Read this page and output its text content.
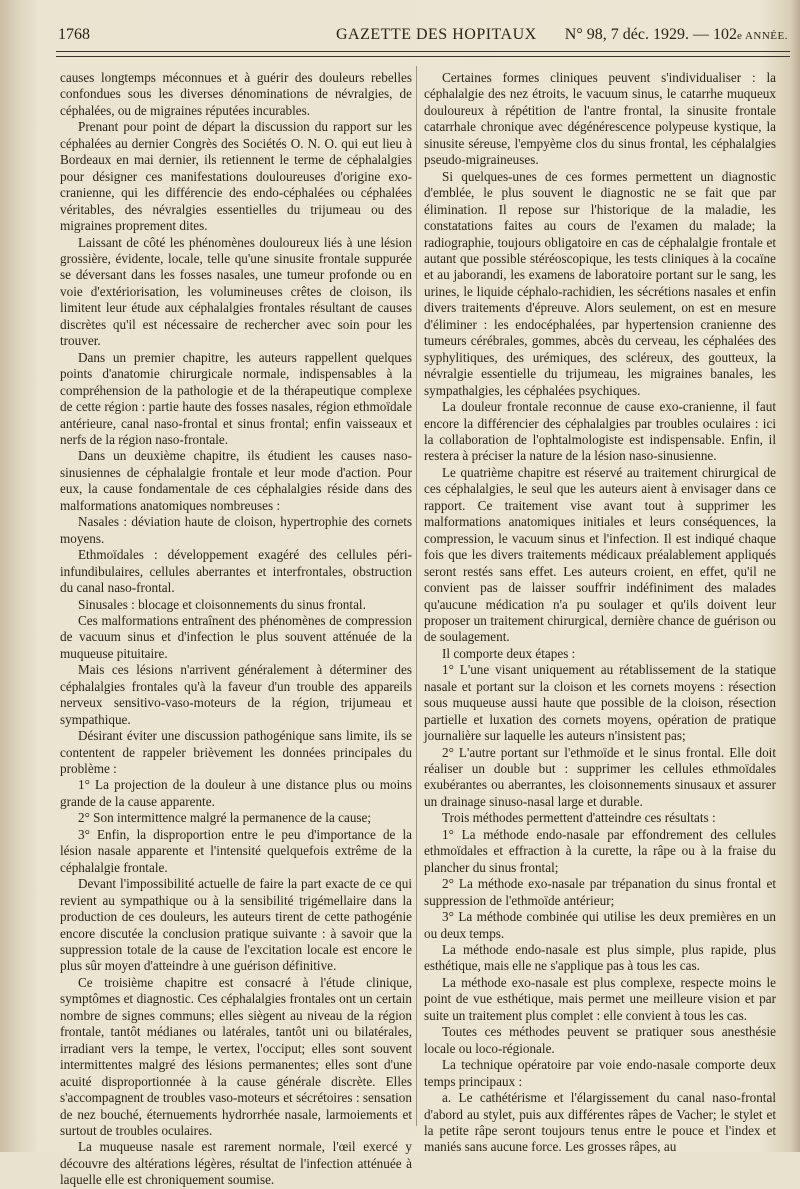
1768	GAZETTE DES HOPITAUX N° 98, 7 déc. 1929. — 102e ANNÉE.

causes longtemps méconnues et à guérir des douleurs rebelles confondues sous les diverses dénominations de névralgies, de céphalées, ou de migraines réputées incurables.

Prenant pour point de départ la discussion du rapport sur les céphalées au dernier Congrès des Sociétés O. N. O. qui eut lieu à Bordeaux en mai dernier, ils retiennent le terme de céphalalgies pour désigner ces manifestations douloureuses d'origine exo-cranienne, qui les différencie des endo-céphalées ou céphalées véritables, des névralgies essentielles du trijumeau ou des migraines proprement dites.

Laissant de côté les phénomènes douloureux liés à une lésion grossière, évidente, locale, telle qu'une sinusite frontale suppurée se déversant dans les fosses nasales, une tumeur profonde ou en voie d'extériorisation, les volumineuses crêtes de cloison, ils limitent leur étude aux céphalalgies frontales résultant de causes discrètes qu'il est nécessaire de rechercher avec soin pour les trouver.

Dans un premier chapitre, les auteurs rappellent quelques points d'anatomie chirurgicale normale, indispensables à la compréhension de la pathologie et de la thérapeutique complexe de cette région : partie haute des fosses nasales, région ethmoïdale antérieure, canal naso-frontal et sinus frontal; enfin vaisseaux et nerfs de la région naso-frontale.

Dans un deuxième chapitre, ils étudient les causes naso-sinusiennes de céphalalgie frontale et leur mode d'action. Pour eux, la cause fondamentale de ces céphalalgies réside dans des malformations anatomiques nombreuses :

Nasales : déviation haute de cloison, hypertrophie des cornets moyens.

Ethmoïdales : développement exagéré des cellules péri-infundibulaires, cellules aberrantes et interfrontales, obstruction du canal naso-frontal.

Sinusales : blocage et cloisonnements du sinus frontal.

Ces malformations entraînent des phénomènes de compression de vacuum sinus et d'infection le plus souvent atténuée de la muqueuse pituitaire.

Mais ces lésions n'arrivent généralement à déterminer des céphalalgies frontales qu'à la faveur d'un trouble des appareils nerveux sensitivo-vaso-moteurs de la région, trijumeau et sympathique.

Désirant éviter une discussion pathogénique sans limite, ils se contentent de rappeler brièvement les données principales du problème :

1° La projection de la douleur à une distance plus ou moins grande de la cause apparente.

2° Son intermittence malgré la permanence de la cause;

3° Enfin, la disproportion entre le peu d'importance de la lésion nasale apparente et l'intensité quelquefois extrême de la céphalalgie frontale.

Devant l'impossibilité actuelle de faire la part exacte de ce qui revient au sympathique ou à la sensibilité trigémellaire dans la production de ces douleurs, les auteurs tirent de cette pathogénie encore discutée la conclusion pratique suivante : à savoir que la suppression totale de la cause de l'excitation locale est encore le plus sûr moyen d'atteindre à une guérison définitive.

Ce troisième chapitre est consacré à l'étude clinique, symptômes et diagnostic. Ces céphalalgies frontales ont un certain nombre de signes communs; elles siègent au niveau de la région frontale, tantôt médianes ou latérales, tantôt uni ou bilatérales, irradiant vers la tempe, le vertex, l'occiput; elles sont souvent intermittentes malgré des lésions permanentes; elles sont d'une acuité disproportionnée à la cause générale discrète. Elles s'accompagnent de troubles vaso-moteurs et sécrétoires : sensation de nez bouché, éternuements hydrorrhée nasale, larmoiements et surtout de troubles oculaires.

La muqueuse nasale est rarement normale, l'œil exercé y découvre des altérations légères, résultat de l'infection atténuée à laquelle elle est chroniquement soumise.

Certaines formes cliniques peuvent s'individualiser : la céphalalgie des nez étroits, le vacuum sinus, le catarrhe muqueux douloureux à répétition de l'antre frontal, la sinusite frontale catarrhale chronique avec dégénérescence polypeuse kystique, la sinusite séreuse, l'empyème clos du sinus frontal, les céphalalgies pseudo-migraineuses.

Si quelques-unes de ces formes permettent un diagnostic d'emblée, le plus souvent le diagnostic ne se fait que par élimination. Il repose sur l'historique de la maladie, les constatations faites au cours de l'examen du malade; la radiographie, toujours obligatoire en cas de céphalalgie frontale et autant que possible stéréoscopique, les tests cliniques à la cocaïne et au jaborandi, les examens de laboratoire portant sur le sang, les urines, le liquide céphalo-rachidien, les sécrétions nasales et enfin divers traitements d'épreuve. Alors seulement, on est en mesure d'éliminer : les endocéphalées, par hypertension cranienne des tumeurs cérébrales, gommes, abcès du cerveau, les céphalées des syphylitiques, des urémiques, des scléreux, des goutteux, la névralgie essentielle du trijumeau, les migraines banales, les sympathalgies, les céphalées psychiques.

La douleur frontale reconnue de cause exo-cranienne, il faut encore la différencier des céphalalgies par troubles oculaires : ici la collaboration de l'ophtalmologiste est indispensable. Enfin, il restera à préciser la nature de la lésion naso-sinusienne.

Le quatrième chapitre est réservé au traitement chirurgical de ces céphalalgies, le seul que les auteurs aient à envisager dans ce rapport. Ce traitement vise avant tout à supprimer les malformations anatomiques initiales et leurs conséquences, la compression, le vacuum sinus et l'infection. Il est indiqué chaque fois que les divers traitements médicaux préalablement appliqués seront restés sans effet. Les auteurs croient, en effet, qu'il ne convient pas de laisser souffrir indéfiniment des malades qu'aucune médication n'a pu soulager et qu'ils doivent leur proposer un traitement chirurgical, dernière chance de guérison ou de soulagement.

Il comporte deux étapes :

1° L'une visant uniquement au rétablissement de la statique nasale et portant sur la cloison et les cornets moyens : résection sous muqueuse aussi haute que possible de la cloison, résection partielle et luxation des cornets moyens, opération de pratique journalière sur laquelle les auteurs n'insistent pas;

2° L'autre portant sur l'ethmoïde et le sinus frontal. Elle doit réaliser un double but : supprimer les cellules ethmoïdales exubérantes ou aberrantes, les cloisonnements sinusaux et assurer un drainage sinuso-nasal large et durable.

Trois méthodes permettent d'atteindre ces résultats :

1° La méthode endo-nasale par effondrement des cellules ethmoïdales et effraction à la curette, la râpe ou à la fraise du plancher du sinus frontal;

2° La méthode exo-nasale par trépanation du sinus frontal et suppression de l'ethmoïde antérieur;

3° La méthode combinée qui utilise les deux premières en un ou deux temps.

La méthode endo-nasale est plus simple, plus rapide, plus esthétique, mais elle ne s'applique pas à tous les cas.

La méthode exo-nasale est plus complexe, respecte moins le point de vue esthétique, mais permet une meilleure vision et par suite un traitement plus complet : elle convient à tous les cas.

Toutes ces méthodes peuvent se pratiquer sous anesthésie locale ou loco-régionale.

La technique opératoire par voie endo-nasale comporte deux temps principaux :

a. Le cathétérisme et l'élargissement du canal naso-frontal d'abord au stylet, puis aux différentes râpes de Vacher; le stylet et la petite râpe seront toujours tenus entre le pouce et l'index et maniés sans aucune force. Les grosses râpes, au
